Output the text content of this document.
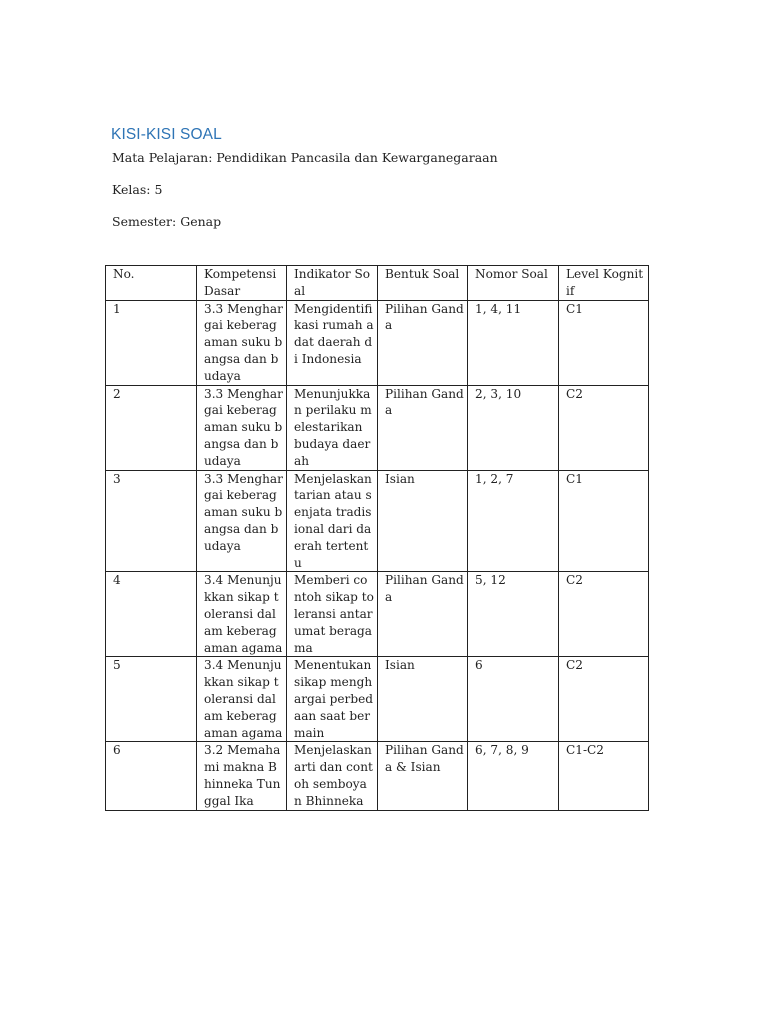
KISI-KISI SOAL

Mata Pelajaran: Pendidikan Pancasila dan Kewarganegaraan

Kelas: 5

Semester: Genap

No.	Kompetensi Dasar	Indikator Soal	Bentuk Soal	Nomor Soal	Level Kognitif
1	3.3 Menghargai keberagaman suku bangsa dan budaya	Mengidentifikasi rumah adat daerah di Indonesia	Pilihan Ganda	1, 4, 11	C1
2	3.3 Menghargai keberagaman suku bangsa dan budaya	Menunjukkan perilaku melestarikan budaya daerah	Pilihan Ganda	2, 3, 10	C2
3	3.3 Menghargai keberagaman suku bangsa dan budaya	Menjelaskan tarian atau senjata tradisional dari daerah tertentu	Isian	1, 2, 7	C1
4	3.4 Menunjukkan sikap toleransi dalam keberagaman agama	Memberi contoh sikap toleransi antar umat beragama	Pilihan Ganda	5, 12	C2
5	3.4 Menunjukkan sikap toleransi dalam keberagaman agama	Menentukan sikap menghargai perbedaan saat bermain	Isian	6	C2
6	3.2 Memahami makna Bhinneka Tunggal Ika	Menjelaskan arti dan contoh semboyan Bhinneka	Pilihan Ganda & Isian	6, 7, 8, 9	C1-C2
